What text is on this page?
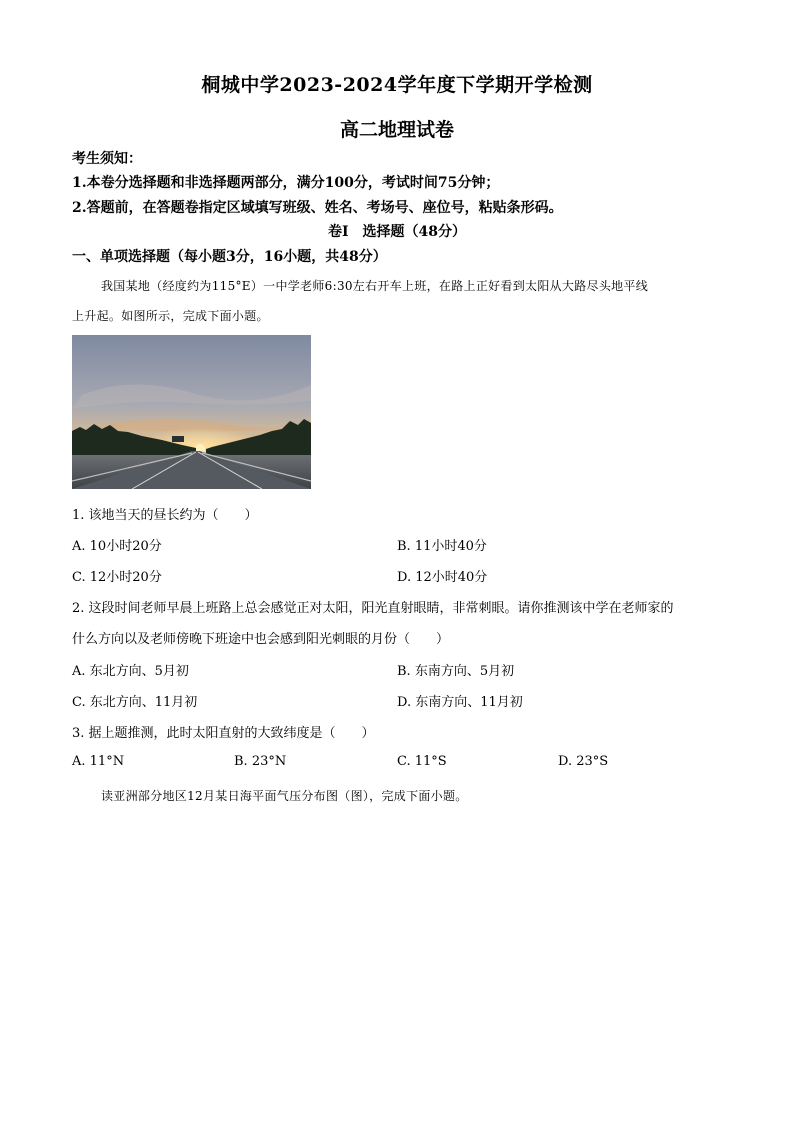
桐城中学2023-2024学年度下学期开学检测
高二地理试卷
考生须知：
1.本卷分选择题和非选择题两部分，满分100分，考试时间75分钟；
2.答题前，在答题卷指定区域填写班级、姓名、考场号、座位号，粘贴条形码。
卷Ⅰ　选择题（48分）
一、单项选择题（每小题3分，16小题，共48分）
我国某地（经度约为115°E）一中学老师6:30左右开车上班，在路上正好看到太阳从大路尽头地平线
上升起。如图所示，完成下面小题。
1. 该地当天的昼长约为（　　）
A. 10小时20分	B. 11小时40分
C. 12小时20分	D. 12小时40分
2. 这段时间老师早晨上班路上总会感觉正对太阳，阳光直射眼睛，非常刺眼。请你推测该中学在老师家的
什么方向以及老师傍晚下班途中也会感到阳光刺眼的月份（　　）
A. 东北方向、5月初	B. 东南方向、5月初
C. 东北方向、11月初	D. 东南方向、11月初
3. 据上题推测，此时太阳直射的大致纬度是（　　）
A. 11°N	B. 23°N	C. 11°S	D. 23°S
读亚洲部分地区12月某日海平面气压分布图（图），完成下面小题。
